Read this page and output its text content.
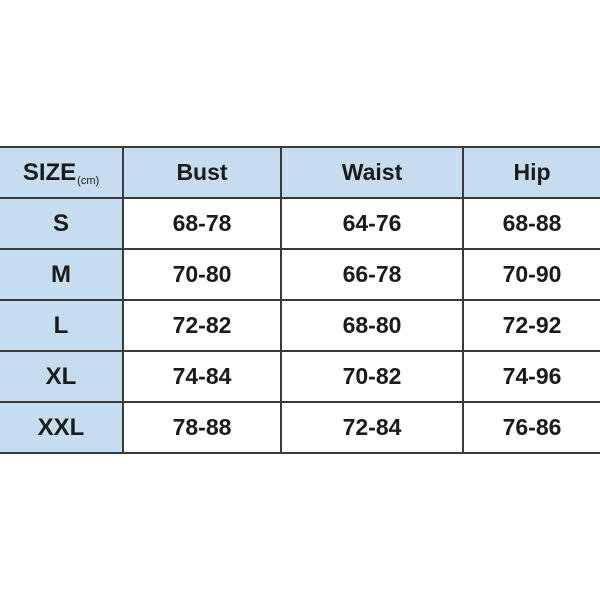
SIZE(cm)	Bust	Waist	Hip
S	68-78	64-76	68-88
M	70-80	66-78	70-90
L	72-82	68-80	72-92
XL	74-84	70-82	74-96
XXL	78-88	72-84	76-86
